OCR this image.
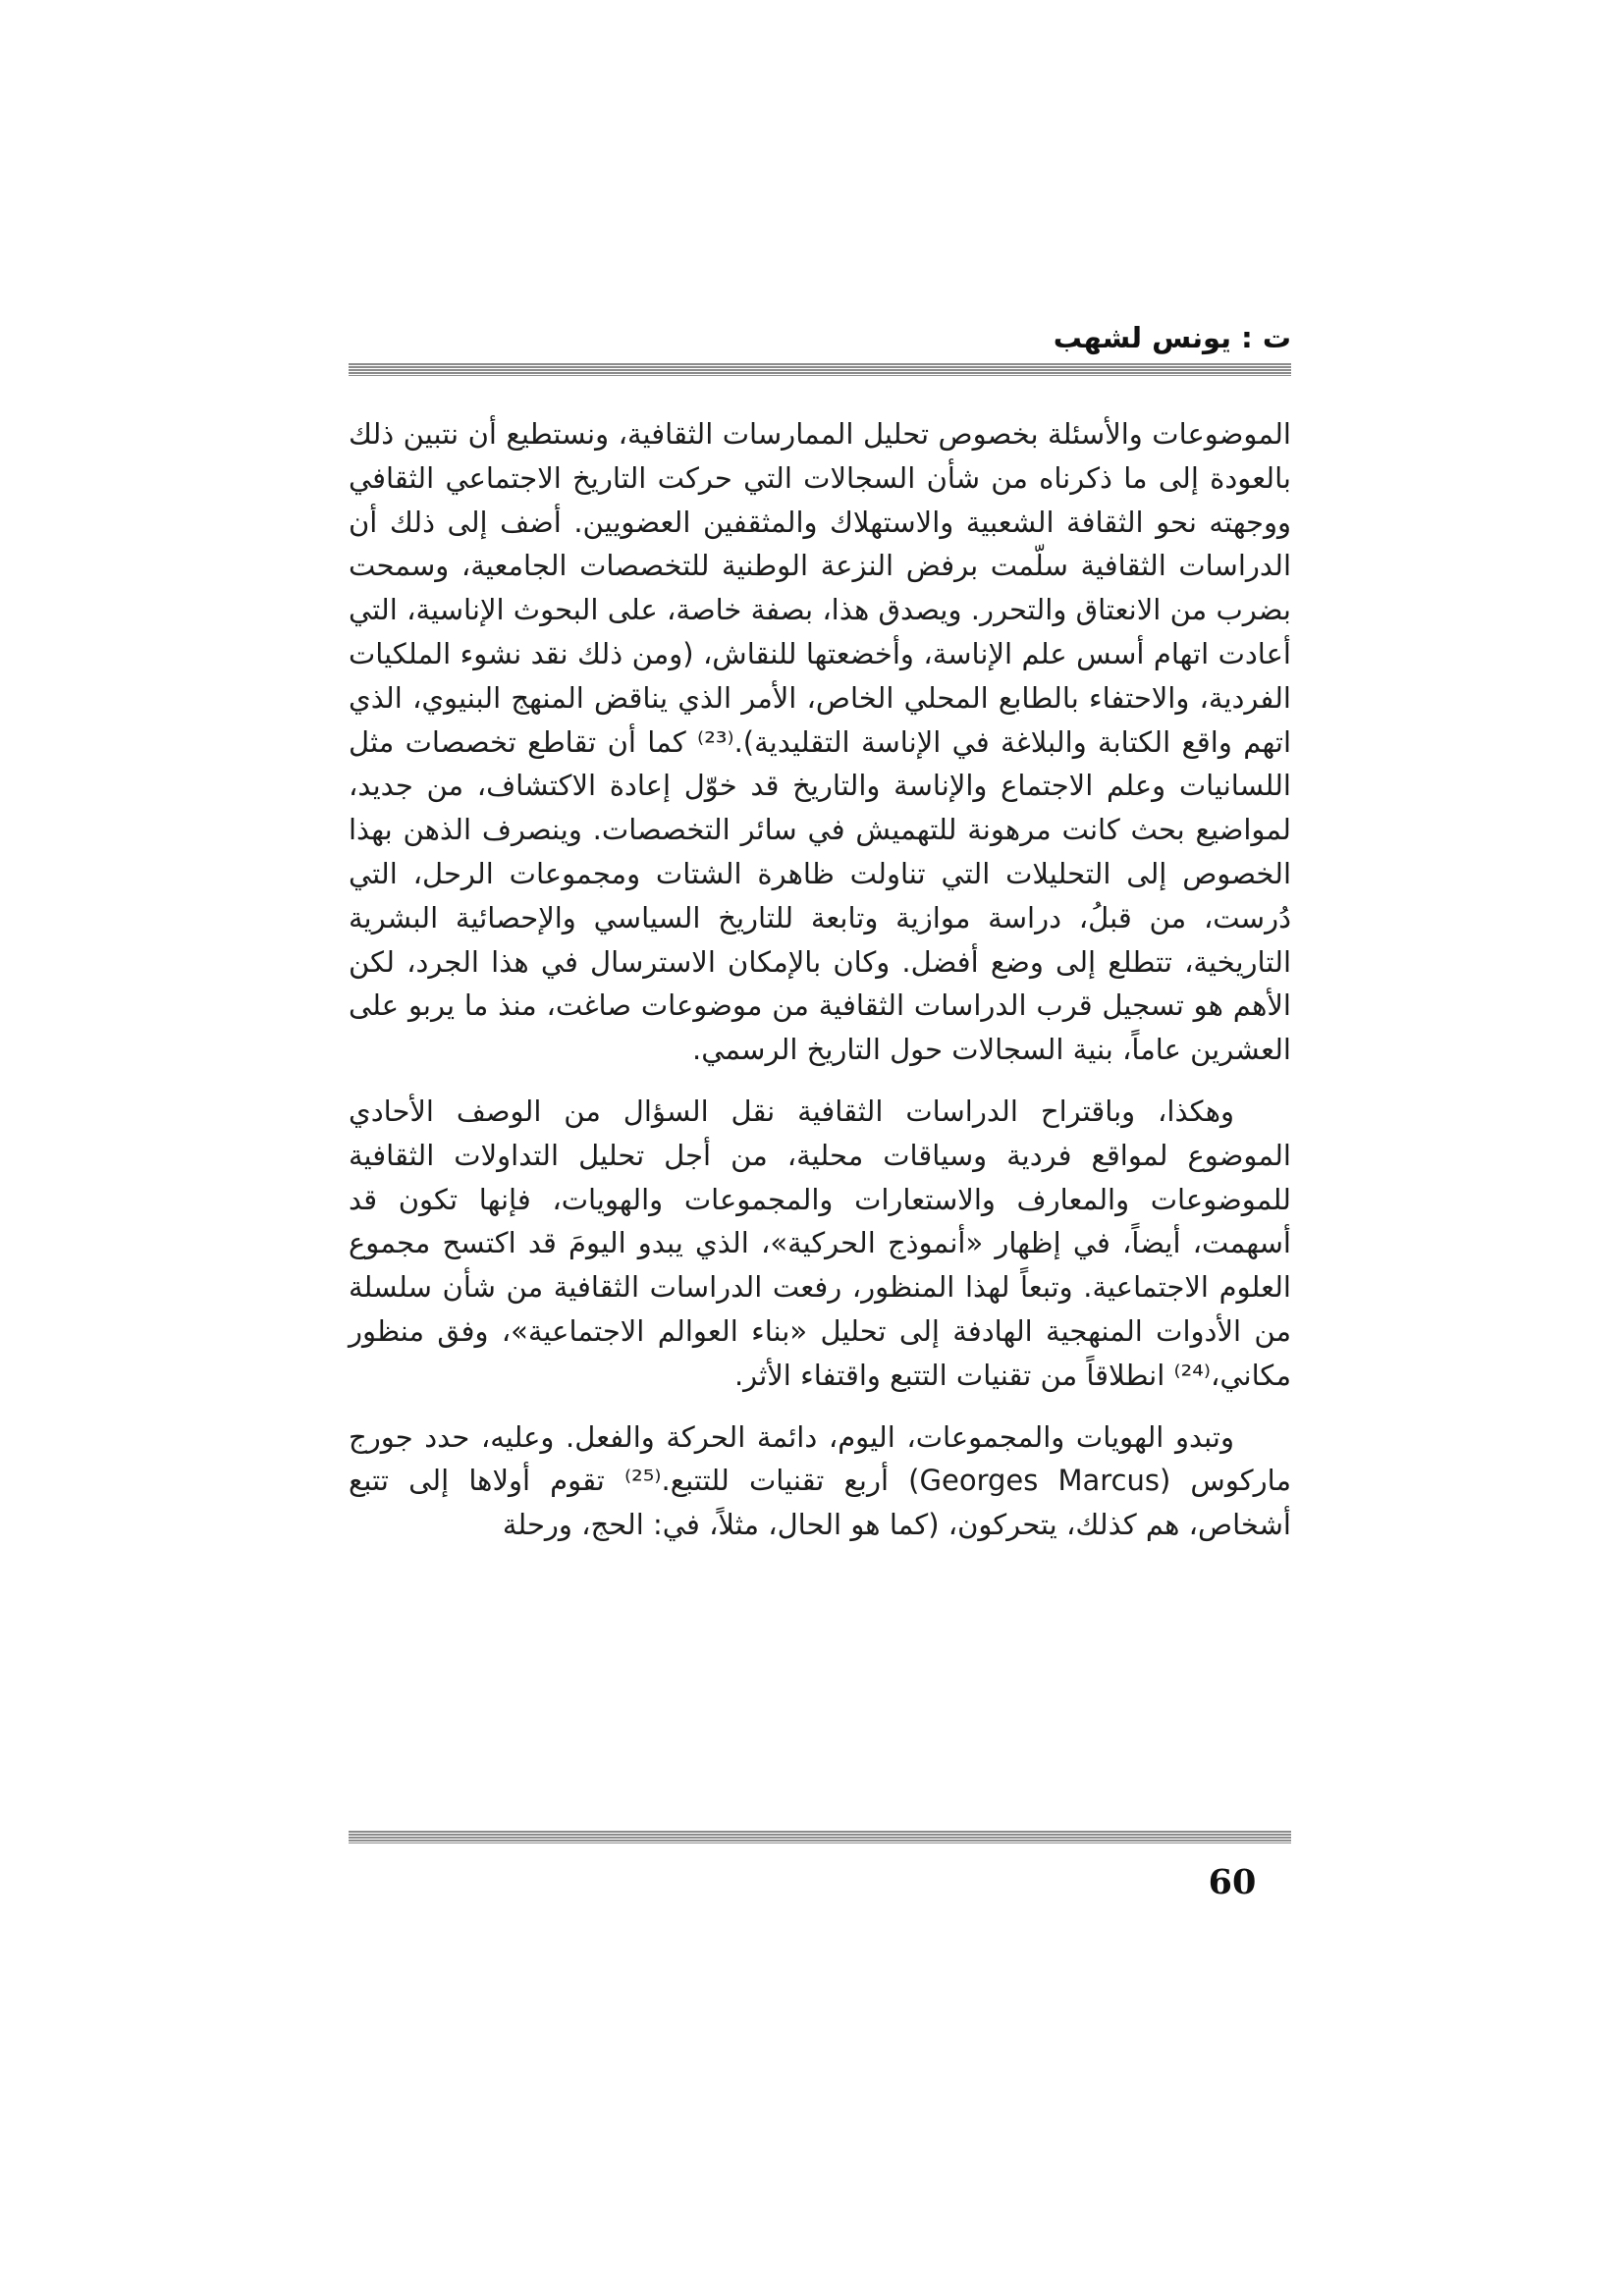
ت : يونس لشهب

الموضوعات والأسئلة بخصوص تحليل الممارسات الثقافية، ونستطيع أن نتبين ذلك بالعودة إلى ما ذكرناه من شأن السجالات التي حركت التاريخ الاجتماعي الثقافي ووجهته نحو الثقافة الشعبية والاستهلاك والمثقفين العضويين. أضف إلى ذلك أن الدراسات الثقافية سلّمت برفض النزعة الوطنية للتخصصات الجامعية، وسمحت بضرب من الانعتاق والتحرر. ويصدق هذا، بصفة خاصة، على البحوث الإناسية، التي أعادت اتهام أسس علم الإناسة، وأخضعتها للنقاش، (ومن ذلك نقد نشوء الملكيات الفردية، والاحتفاء بالطابع المحلي الخاص، الأمر الذي يناقض المنهج البنيوي، الذي اتهم واقع الكتابة والبلاغة في الإناسة التقليدية).⁽²³⁾ كما أن تقاطع تخصصات مثل اللسانيات وعلم الاجتماع والإناسة والتاريخ قد خوّل إعادة الاكتشاف، من جديد، لمواضيع بحث كانت مرهونة للتهميش في سائر التخصصات. وينصرف الذهن بهذا الخصوص إلى التحليلات التي تناولت ظاهرة الشتات ومجموعات الرحل، التي دُرست، من قبلُ، دراسة موازية وتابعة للتاريخ السياسي والإحصائية البشرية التاريخية، تتطلع إلى وضع أفضل. وكان بالإمكان الاسترسال في هذا الجرد، لكن الأهم هو تسجيل قرب الدراسات الثقافية من موضوعات صاغت، منذ ما يربو على العشرين عاماً، بنية السجالات حول التاريخ الرسمي.

وهكذا، وباقتراح الدراسات الثقافية نقل السؤال من الوصف الأحادي الموضوع لمواقع فردية وسياقات محلية، من أجل تحليل التداولات الثقافية للموضوعات والمعارف والاستعارات والمجموعات والهويات، فإنها تكون قد أسهمت، أيضاً، في إظهار «أنموذج الحركية»، الذي يبدو اليومَ قد اكتسح مجموع العلوم الاجتماعية. وتبعاً لهذا المنظور، رفعت الدراسات الثقافية من شأن سلسلة من الأدوات المنهجية الهادفة إلى تحليل «بناء العوالم الاجتماعية»، وفق منظور مكاني،⁽²⁴⁾ انطلاقاً من تقنيات التتبع واقتفاء الأثر.

وتبدو الهويات والمجموعات، اليوم، دائمة الحركة والفعل. وعليه، حدد جورج ماركوس (Georges Marcus) أربع تقنيات للتتبع.⁽²⁵⁾ تقوم أولاها إلى تتبع أشخاص، هم كذلك، يتحركون، (كما هو الحال، مثلاً، في: الحج، ورحلة

60
